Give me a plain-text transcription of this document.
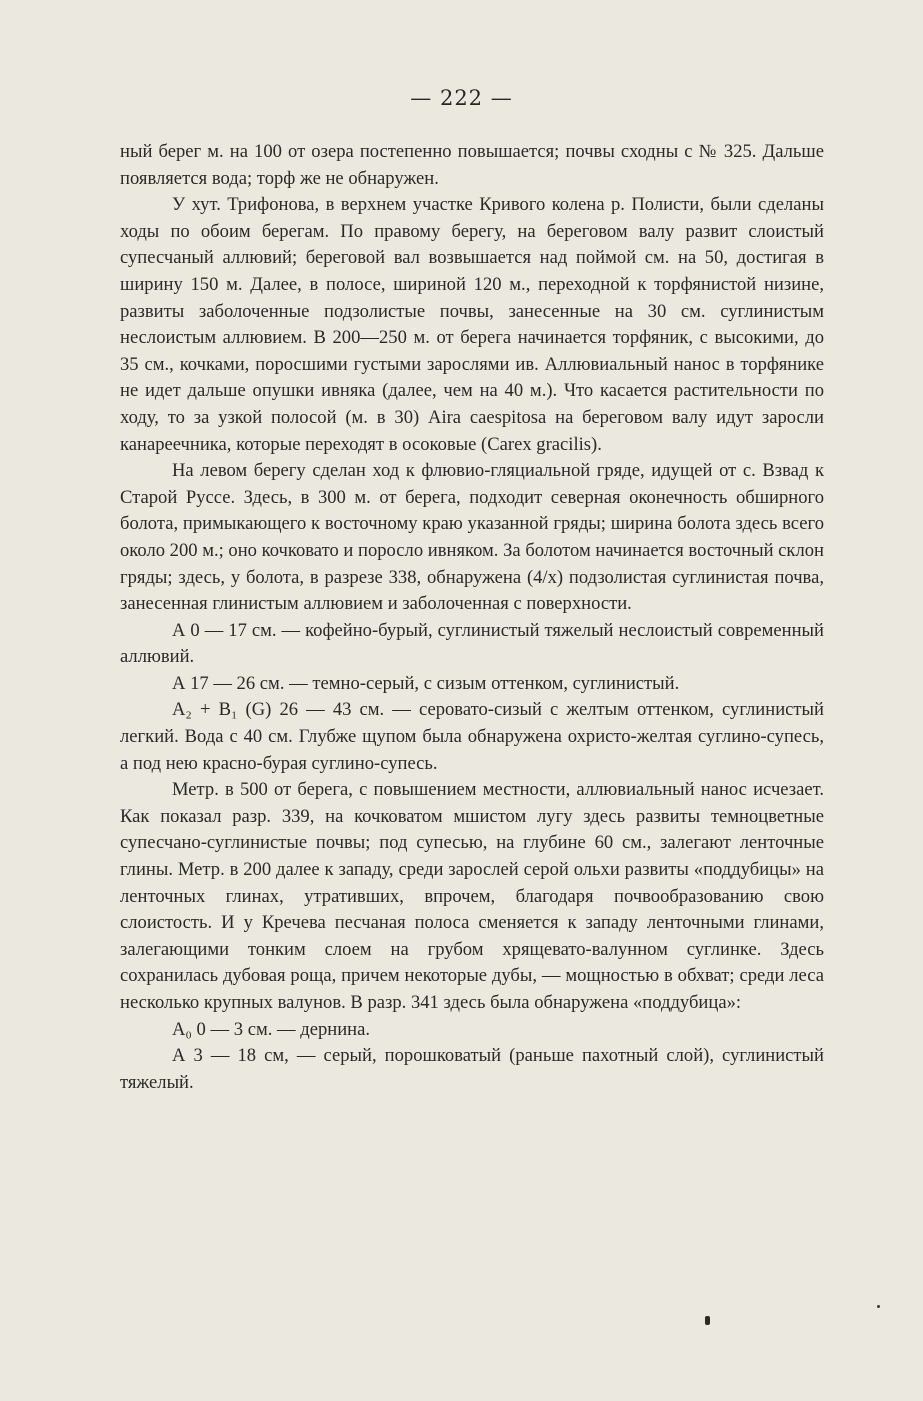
— 222 —

ный берег м. на 100 от озера постепенно повышается; почвы сходны с № 325. Дальше появляется вода; торф же не обнаружен.

У хут. Трифонова, в верхнем участке Кривого колена р. Полисти, были сделаны ходы по обоим берегам. По правому берегу, на береговом валу развит слоистый супесчаный аллювий; береговой вал возвышается над поймой см. на 50, достигая в ширину 150 м. Далее, в полосе, шириной 120 м., переходной к торфянистой низине, развиты заболоченные подзолистые почвы, занесенные на 30 см. суглинистым неслоистым аллювием. В 200—250 м. от берега начинается торфяник, с высокими, до 35 см., кочками, поросшими густыми зарослями ив. Аллювиальный нанос в торфянике не идет дальше опушки ивняка (далее, чем на 40 м.). Что касается растительности по ходу, то за узкой полосой (м. в 30) Aira caespitosa на береговом валу идут заросли канареечника, которые переходят в осоковые (Carex gracilis).

На левом берегу сделан ход к флювио-гляциальной гряде, идущей от с. Взвад к Старой Руссе. Здесь, в 300 м. от берега, подходит северная оконечность обширного болота, примыкающего к восточному краю указанной гряды; ширина болота здесь всего около 200 м.; оно кочковато и поросло ивняком. За болотом начинается восточный склон гряды; здесь, у болота, в разрезе 338, обнаружена (4/х) подзолистая суглинистая почва, занесенная глинистым аллювием и заболоченная с поверхности.

А 0 — 17 см. — кофейно-бурый, суглинистый тяжелый неслоистый современный аллювий.

А 17 — 26 см. — темно-серый, с сизым оттенком, суглинистый.

А₂ + B₁ (G) 26 — 43 см. — серовато-сизый с желтым оттенком, суглинистый легкий. Вода с 40 см. Глубже щупом была обнаружена охристо-желтая суглино-супесь, а под нею красно-бурая суглино-супесь.

Метр. в 500 от берега, с повышением местности, аллювиальный нанос исчезает. Как показал разр. 339, на кочковатом мшистом лугу здесь развиты темноцветные супесчано-суглинистые почвы; под супесью, на глубине 60 см., залегают ленточные глины. Метр. в 200 далее к западу, среди зарослей серой ольхи развиты «поддубицы» на ленточных глинах, утративших, впрочем, благодаря почвообразованию свою слоистость. И у Кречева песчаная полоса сменяется к западу ленточными глинами, залегающими тонким слоем на грубом хрящевато-валунном суглинке. Здесь сохранилась дубовая роща, причем некоторые дубы, — мощностью в обхват; среди леса несколько крупных валунов. В разр. 341 здесь была обнаружена «поддубица»:

А₀ 0 — 3 см. — дернина.

А 3 — 18 см, — серый, порошковатый (раньше пахотный слой), суглинистый тяжелый.
